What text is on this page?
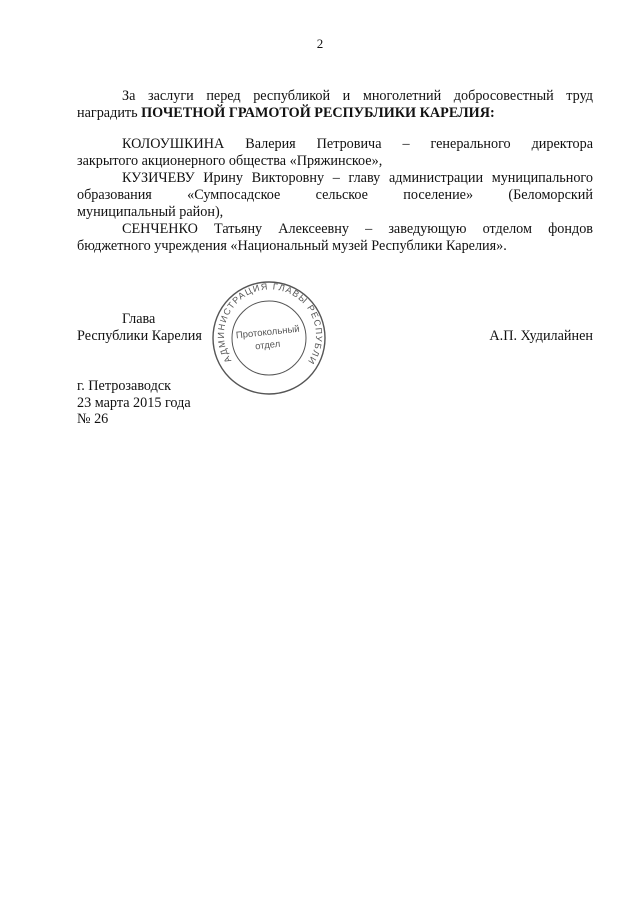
2

За заслуги перед республикой и многолетний добросовестный труд

наградить ПОЧЕТНОЙ ГРАМОТОЙ РЕСПУБЛИКИ КАРЕЛИЯ:

КОЛОУШКИНА Валерия Петровича – генерального директора

закрытого акционерного общества «Пряжинское»,

КУЗИЧЕВУ Ирину Викторовну – главу администрации муниципального

образования «Сумпосадское сельское поселение» (Беломорский

муниципальный район),

СЕНЧЕНКО Татьяну Алексеевну – заведующую отделом фондов

бюджетного учреждения «Национальный музей Республики Карелия».

Глава
Республики Карелия	А.П. Худилайнен
АДМИНИСТРАЦИЯ ГЛАВЫ РЕСПУБЛИ
Протокольный
отдел
г. Петрозаводск
23 марта 2015 года
№ 26
